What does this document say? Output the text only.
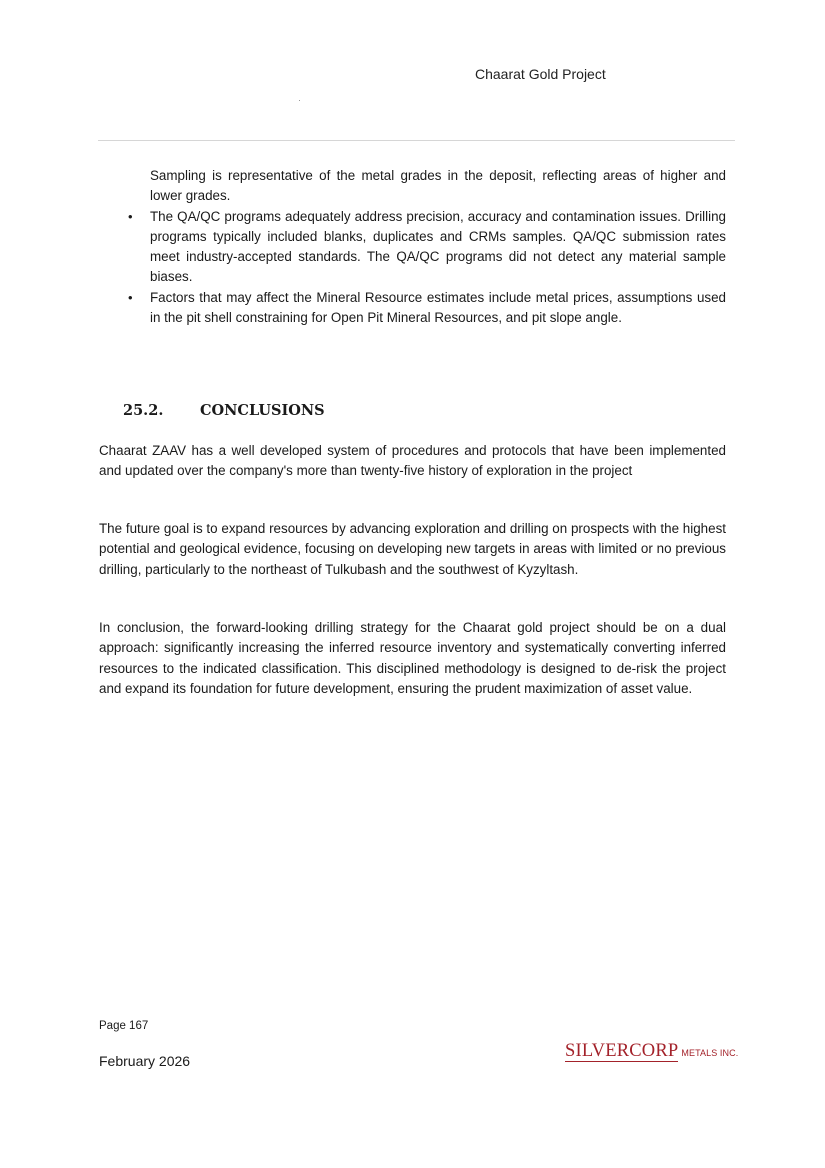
Chaarat Gold Project

Sampling is representative of the metal grades in the deposit, reflecting areas of higher and lower grades.

• The QA/QC programs adequately address precision, accuracy and contamination issues. Drilling programs typically included blanks, duplicates and CRMs samples. QA/QC submission rates meet industry-accepted standards. The QA/QC programs did not detect any material sample biases.
• Factors that may affect the Mineral Resource estimates include metal prices, assumptions used in the pit shell constraining for Open Pit Mineral Resources, and pit slope angle.
25.2.	CONCLUSIONS

Chaarat ZAAV has a well developed system of procedures and protocols that have been implemented and updated over the company's more than twenty-five history of exploration in the project

The future goal is to expand resources by advancing exploration and drilling on prospects with the highest potential and geological evidence, focusing on developing new targets in areas with limited or no previous drilling, particularly to the northeast of Tulkubash and the southwest of Kyzyltash.

In conclusion, the forward-looking drilling strategy for the Chaarat gold project should be on a dual approach: significantly increasing the inferred resource inventory and systematically converting inferred resources to the indicated classification. This disciplined methodology is designed to de-risk the project and expand its foundation for future development, ensuring the prudent maximization of asset value.

Page 167
February 2026	SILVERCORP METALS INC.
